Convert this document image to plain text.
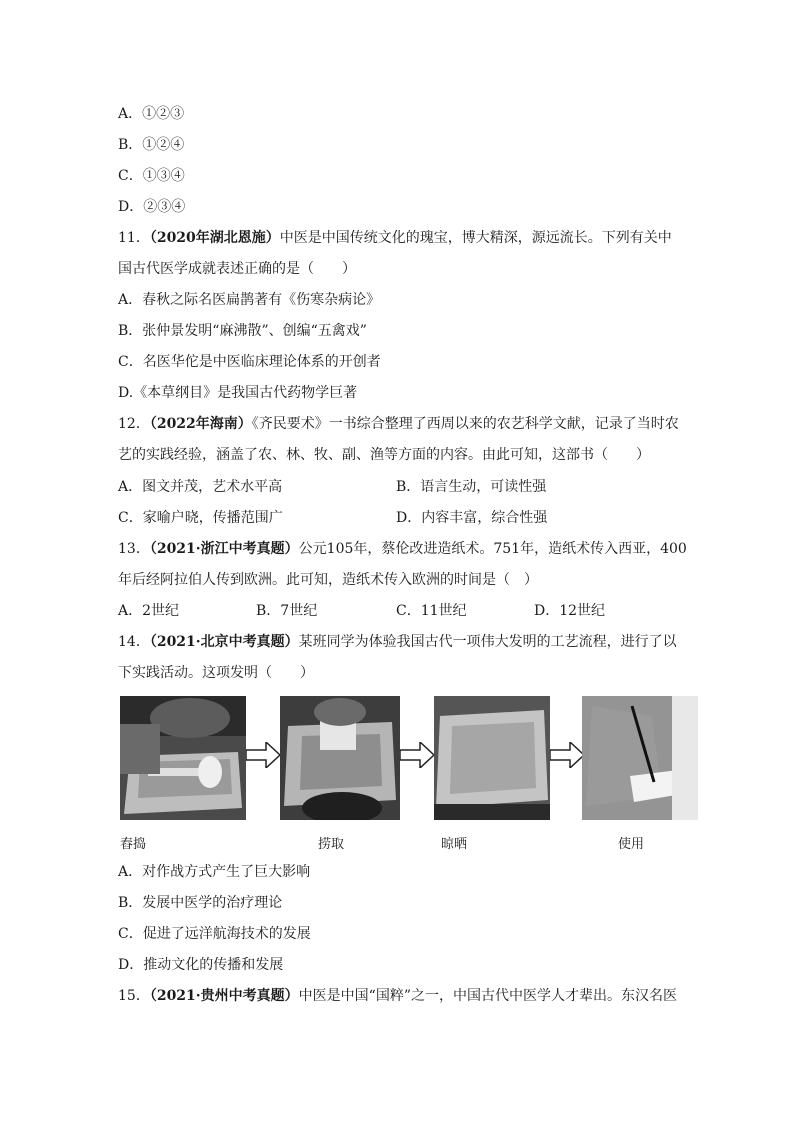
A．①②③
B．①②④
C．①③④
D．②③④
11．（2020年湖北恩施）中医是中国传统文化的瑰宝，博大精深，源远流长。下列有关中
国古代医学成就表述正确的是（　　）
A．春秋之际名医扁鹊著有《伤寒杂病论》
B．张仲景发明“麻沸散”、创编“五禽戏”
C．名医华佗是中医临床理论体系的开创者
D.《本草纲目》是我国古代药物学巨著
12．（2022年海南）《齐民要术》一书综合整理了西周以来的农艺科学文献，记录了当时农
艺的实践经验，涵盖了农、林、牧、副、渔等方面的内容。由此可知，这部书（　　）
A．图文并茂，艺术水平高	B．语言生动，可读性强
C．家喻户晓，传播范围广	D．内容丰富，综合性强
13．（2021·浙江中考真题）公元105年，蔡伦改进造纸术。751年，造纸术传入西亚，400
年后经阿拉伯人传到欧洲。此可知，造纸术传入欧洲的时间是（　）
A．2世纪	B．7世纪	C．11世纪	D．12世纪
14．（2021·北京中考真题）某班同学为体验我国古代一项伟大发明的工艺流程，进行了以
下实践活动。这项发明（　　）
舂捣	捞取	晾晒	使用
A．对作战方式产生了巨大影响
B．发展中医学的治疗理论
C．促进了远洋航海技术的发展
D．推动文化的传播和发展
15．（2021·贵州中考真题）中医是中国“国粹”之一，中国古代中医学人才辈出。东汉名医
